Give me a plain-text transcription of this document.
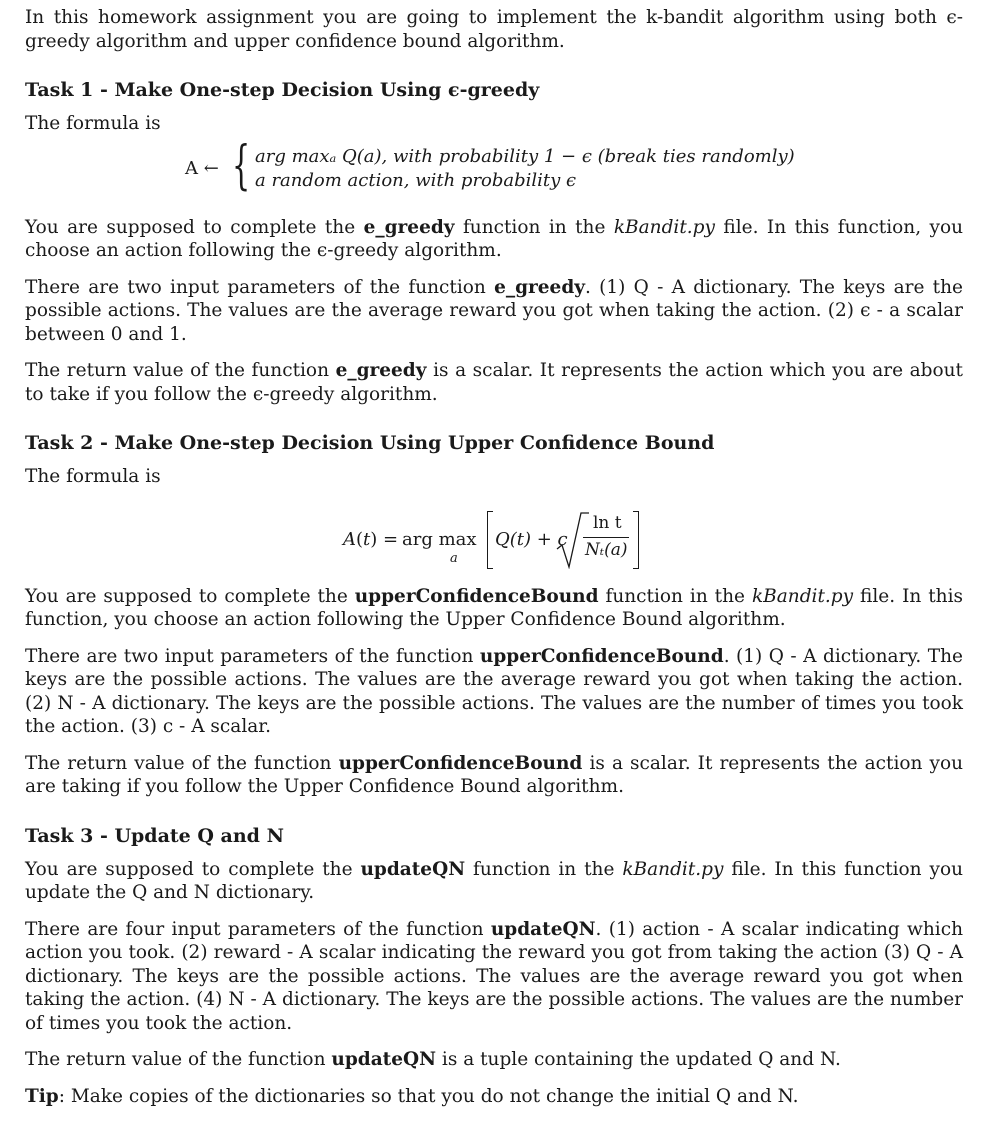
In this homework assignment you are going to implement the k-bandit algorithm using both ϵ-greedy algorithm and upper confidence bound algorithm.

Task 1 - Make One-step Decision Using ϵ-greedy

The formula is

A ← { arg maxₐ Q(a), with probability 1 − ϵ (break ties randomly)
a random action, with probability ϵ

You are supposed to complete the e_greedy function in the kBandit.py file. In this function, you choose an action following the ϵ-greedy algorithm.

There are two input parameters of the function e_greedy. (1) Q - A dictionary. The keys are the possible actions. The values are the average reward you got when taking the action. (2) ϵ - a scalar between 0 and 1.

The return value of the function e_greedy is a scalar. It represents the action which you are about to take if you follow the ϵ-greedy algorithm.

Task 2 - Make One-step Decision Using Upper Confidence Bound

The formula is

A(t) = arg max
a
Q(t) + c
ln t
Nₜ(a)

You are supposed to complete the upperConfidenceBound function in the kBandit.py file. In this function, you choose an action following the Upper Confidence Bound algorithm.

There are two input parameters of the function upperConfidenceBound. (1) Q - A dictionary. The keys are the possible actions. The values are the average reward you got when taking the action. (2) N - A dictionary. The keys are the possible actions. The values are the number of times you took the action. (3) c - A scalar.

The return value of the function upperConfidenceBound is a scalar. It represents the action you are taking if you follow the Upper Confidence Bound algorithm.

Task 3 - Update Q and N

You are supposed to complete the updateQN function in the kBandit.py file. In this function you update the Q and N dictionary.

There are four input parameters of the function updateQN. (1) action - A scalar indicating which action you took. (2) reward - A scalar indicating the reward you got from taking the action (3) Q - A dictionary. The keys are the possible actions. The values are the average reward you got when taking the action. (4) N - A dictionary. The keys are the possible actions. The values are the number of times you took the action.

The return value of the function updateQN is a tuple containing the updated Q and N.

Tip: Make copies of the dictionaries so that you do not change the initial Q and N.
